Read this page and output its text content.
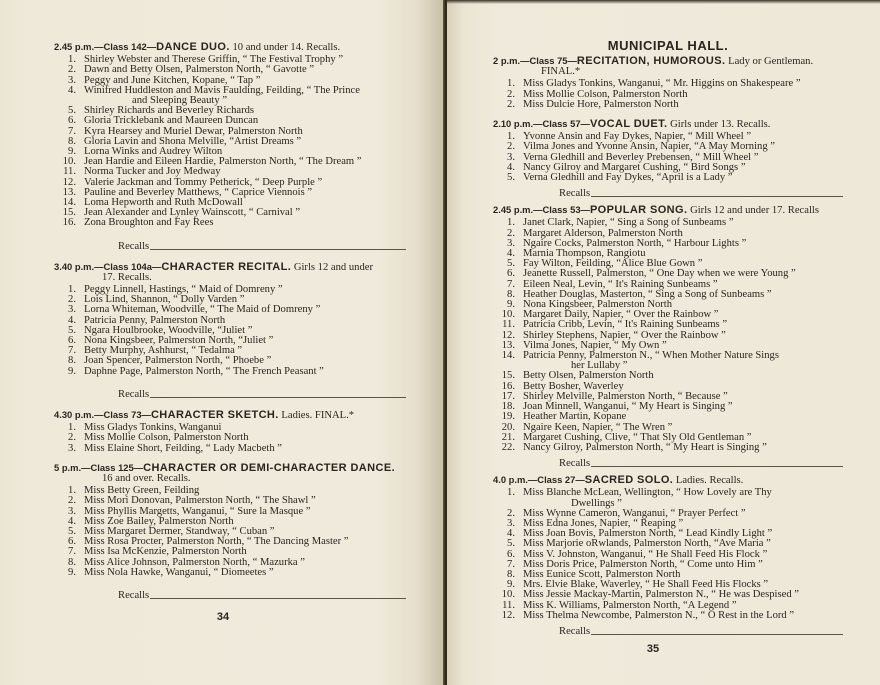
2.45 p.m.—Class 142—DANCE DUO. 10 and under 14. Recalls.
1. Shirley Webster and Therese Griffin, “ The Festival Trophy ”
2. Dawn and Betty Olsen, Palmerston North, “ Gavotte ”
3. Peggy and June Kitchen, Kopane, “ Tap ”
4. Winifred Huddleston and Mavis Faulding, Feilding, “ The Prince
and Sleeping Beauty ”
5. Shirley Richards and Beverley Richards
6. Gloria Tricklebank and Maureen Duncan
7. Kyra Hearsey and Muriel Dewar, Palmerston North
8. Gloria Lavin and Shona Melville, “Artist Dreams ”
9. Lorna Winks and Audrey Wilton
10. Jean Hardie and Eileen Hardie, Palmerston North, “ The Dream ”
11. Norma Tucker and Joy Medway
12. Valerie Jackman and Tommy Petherick, “ Deep Purple ”
13. Pauline and Beverley Matthews, “ Caprice Viennois ”
14. Loma Hepworth and Ruth McDowall
15. Jean Alexander and Lynley Wainscott, “ Carnival ”
16. Zona Broughton and Fay Rees
Recalls
3.40 p.m.—Class 104a—CHARACTER RECITAL. Girls 12 and under
17. Recalls.
1. Peggy Linnell, Hastings, “ Maid of Domreny ”
2. Lois Lind, Shannon, “ Dolly Varden ”
3. Lorna Whiteman, Woodville, “ The Maid of Domreny ”
4. Patricia Penny, Palmerston North
5. Ngara Houlbrooke, Woodville, “Juliet ”
6. Nona Kingsbeer, Palmerston North, “Juliet ”
7. Betty Murphy, Ashhurst, “ Tedalma ”
8. Joan Spencer, Palmerston North, “ Phoebe ”
9. Daphne Page, Palmerston North, “ The French Peasant ”
Recalls
4.30 p.m.—Class 73—CHARACTER SKETCH. Ladies. FINAL.*
1. Miss Gladys Tonkins, Wanganui
2. Miss Mollie Colson, Palmerston North
3. Miss Elaine Short, Feilding, “ Lady Macbeth ”
5 p.m.—Class 125—CHARACTER OR DEMI-CHARACTER DANCE.
16 and over. Recalls.
1. Miss Betty Green, Feilding
2. Miss Mori Donovan, Palmerston North, “ The Shawl ”
3. Miss Phyllis Margetts, Wanganui, “ Sure la Masque ”
4. Miss Zoe Bailey, Palmerston North
5. Miss Margaret Dermer, Standway, “ Cuban ”
6. Miss Rosa Procter, Palmerston North, “ The Dancing Master ”
7. Miss Isa McKenzie, Palmerston North
8. Miss Alice Johnson, Palmerston North, “ Mazurka ”
9. Miss Nola Hawke, Wanganui, “ Diomeetes ”
Recalls
34
MUNICIPAL HALL.
2 p.m.—Class 75—RECITATION, HUMOROUS. Lady or Gentleman.
FINAL.*
1. Miss Gladys Tonkins, Wanganui, “ Mr. Higgins on Shakespeare ”
2. Miss Mollie Colson, Palmerston North
2. Miss Dulcie Hore, Palmerston North
2.10 p.m.—Class 57—VOCAL DUET. Girls under 13. Recalls.
1. Yvonne Ansin and Fay Dykes, Napier, “ Mill Wheel ”
2. Vilma Jones and Yvonne Ansin, Napier, “A May Morning ”
3. Verna Gledhill and Beverley Prebensen, “ Mill Wheel ”
4. Nancy Gilroy and Margaret Cushing, “ Bird Songs ”
5. Verna Gledhill and Fay Dykes, “April is a Lady ”
Recalls
2.45 p.m.—Class 53—POPULAR SONG. Girls 12 and under 17. Recalls
1. Janet Clark, Napier, “ Sing a Song of Sunbeams ”
2. Margaret Alderson, Palmerston North
3. Ngaire Cocks, Palmerston North, “ Harbour Lights ”
4. Marnia Thompson, Rangiotu
5. Fay Wilton, Feilding, “Alice Blue Gown ”
6. Jeanette Russell, Palmerston, “ One Day when we were Young ”
7. Eileen Neal, Levin, “ It's Raining Sunbeams ”
8. Heather Douglas, Masterton, “ Sing a Song of Sunbeams ”
9. Nona Kingsbeer, Palmerston North
10. Margaret Daily, Napier, “ Over the Rainbow ”
11. Patricia Cribb, Levin, “ It's Raining Sunbeams ”
12. Shirley Stephens, Napier, “ Over the Rainbow ”
13. Vilma Jones, Napier, “ My Own ”
14. Patricia Penny, Palmerston N., “ When Mother Nature Sings
her Lullaby ”
15. Betty Olsen, Palmerston North
16. Betty Bosher, Waverley
17. Shirley Melville, Palmerston North, “ Because ”
18. Joan Minnell, Wanganui, “ My Heart is Singing ”
19. Heather Martin, Kopane
20. Ngaire Keen, Napier, “ The Wren ”
21. Margaret Cushing, Clive, “ That Sly Old Gentleman ”
22. Nancy Gilroy, Palmerston North, “ My Heart is Singing ”
Recalls
4.0 p.m.—Class 27—SACRED SOLO. Ladies. Recalls.
1. Miss Blanche McLean, Wellington, “ How Lovely are Thy
Dwellings ”
2. Miss Wynne Cameron, Wanganui, “ Prayer Perfect ”
3. Miss Edna Jones, Napier, “ Reaping ”
4. Miss Joan Bovis, Palmerston North, “ Lead Kindly Light ”
5. Miss Marjorie oRwlands, Palmerston North, “Ave Maria ”
6. Miss V. Johnston, Wanganui, “ He Shall Feed His Flock ”
7. Miss Doris Price, Palmerston North, “ Come unto Him ”
8. Miss Eunice Scott, Palmerston North
9. Mrs. Elvie Blake, Waverley, “ He Shall Feed His Flocks ”
10. Miss Jessie Mackay-Martin, Palmerston N., “ He was Despised ”
11. Miss K. Williams, Palmerston North, “A Legend ”
12. Miss Thelma Newcombe, Palmerston N., “ O Rest in the Lord ”
Recalls
35
